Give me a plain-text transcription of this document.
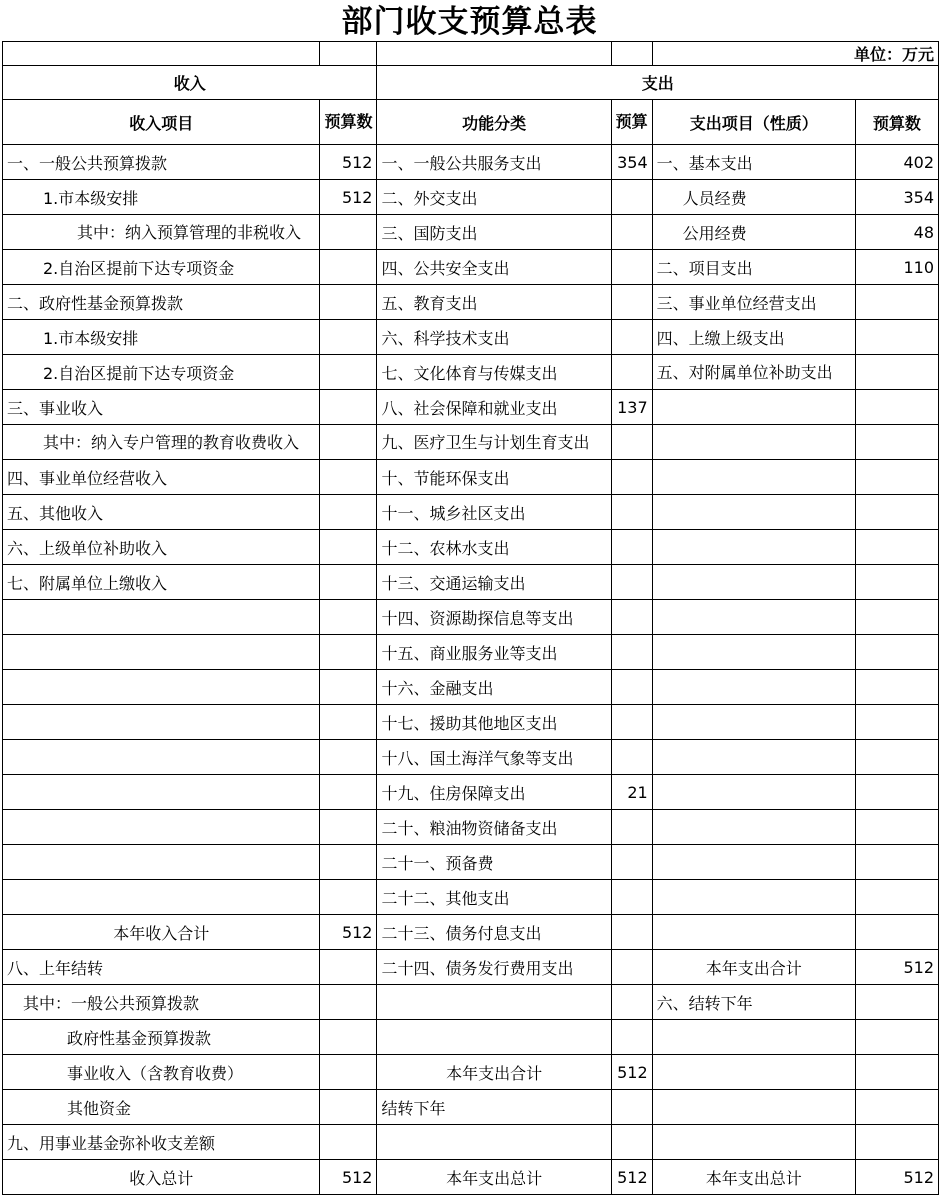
部门收支预算总表
				单位：万元	
收入		支出			
收入项目	预算数	功能分类	预算	支出项目（性质）	预算数
一、一般公共预算拨款	512	一、一般公共服务支出	354	一、基本支出	402
1.市本级安排	512	二、外交支出		人员经费	354
其中：纳入预算管理的非税收入		三、国防支出		公用经费	48
2.自治区提前下达专项资金		四、公共安全支出		二、项目支出	110
二、政府性基金预算拨款		五、教育支出		三、事业单位经营支出	
1.市本级安排		六、科学技术支出		四、上缴上级支出	
2.自治区提前下达专项资金		七、文化体育与传媒支出		五、对附属单位补助支出	
三、事业收入		八、社会保障和就业支出	137		
其中：纳入专户管理的教育收费收入		九、医疗卫生与计划生育支出			
四、事业单位经营收入		十、节能环保支出			
五、其他收入		十一、城乡社区支出			
六、上级单位补助收入		十二、农林水支出			
七、附属单位上缴收入		十三、交通运输支出			
		十四、资源勘探信息等支出			
		十五、商业服务业等支出			
		十六、金融支出			
		十七、援助其他地区支出			
		十八、国土海洋气象等支出			
		十九、住房保障支出	21		
		二十、粮油物资储备支出			
		二十一、预备费			
		二十二、其他支出			
本年收入合计	512	二十三、债务付息支出			
八、上年结转		二十四、债务发行费用支出		本年支出合计	512
其中：一般公共预算拨款				六、结转下年	
政府性基金预算拨款					
事业收入（含教育收费）		本年支出合计	512		
其他资金		结转下年			
九、用事业基金弥补收支差额					
收入总计	512	本年支出总计	512	本年支出总计	512
